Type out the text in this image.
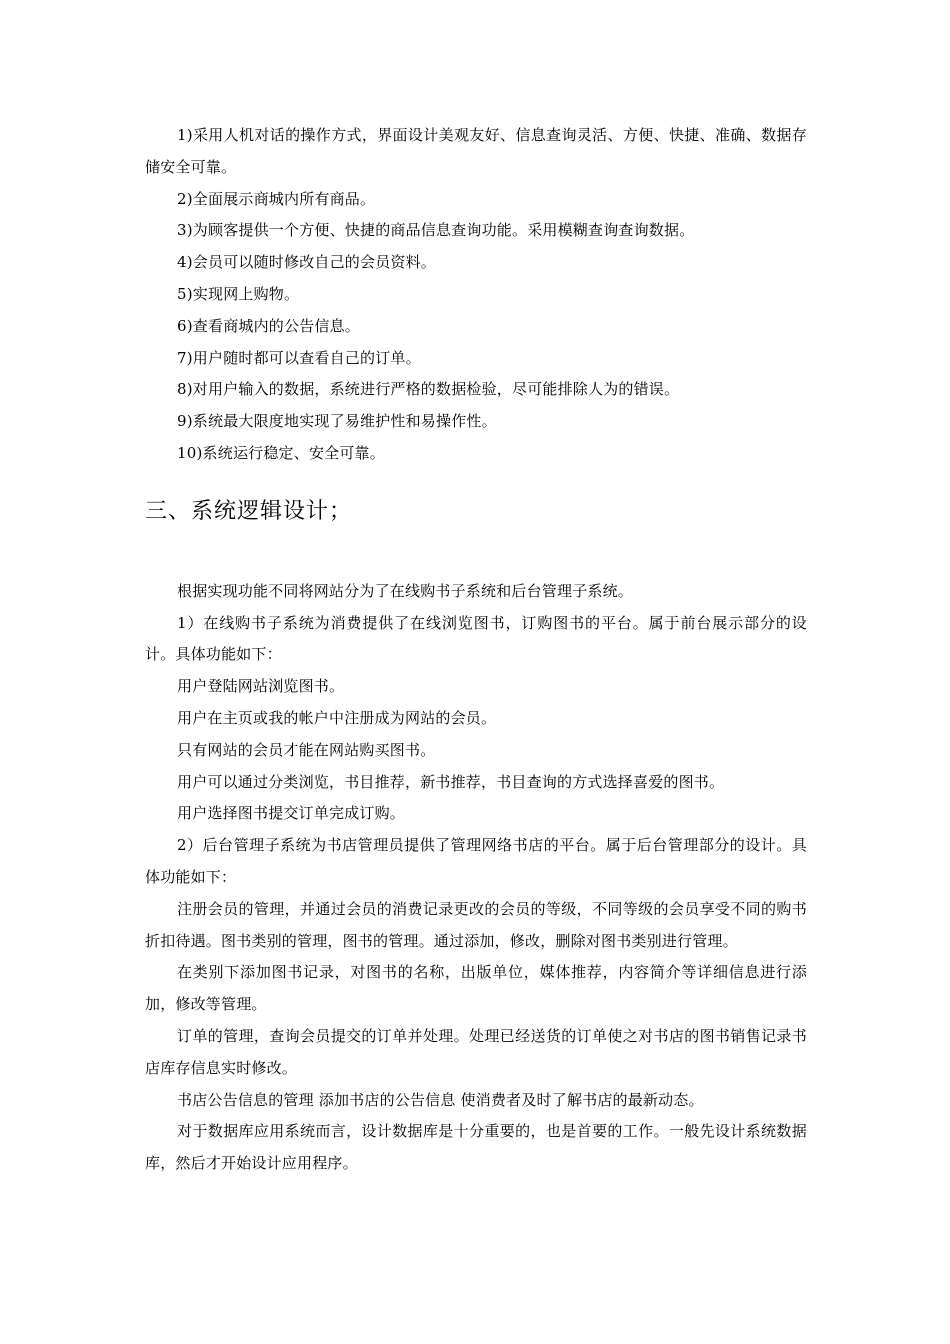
1)采用人机对话的操作方式，界面设计美观友好、信息查询灵活、方便、快捷、准确、数据存储安全可靠。

2)全面展示商城内所有商品。

3)为顾客提供一个方便、快捷的商品信息查询功能。采用模糊查询查询数据。

4)会员可以随时修改自己的会员资料。

5)实现网上购物。

6)查看商城内的公告信息。

7)用户随时都可以查看自己的订单。

8)对用户输入的数据，系统进行严格的数据检验，尽可能排除人为的错误。

9)系统最大限度地实现了易维护性和易操作性。

10)系统运行稳定、安全可靠。

三、系统逻辑设计；

根据实现功能不同将网站分为了在线购书子系统和后台管理子系统。

1）在线购书子系统为消费提供了在线浏览图书，订购图书的平台。属于前台展示部分的设计。具体功能如下：

用户登陆网站浏览图书。

用户在主页或我的帐户中注册成为网站的会员。

只有网站的会员才能在网站购买图书。

用户可以通过分类浏览，书目推荐，新书推荐，书目查询的方式选择喜爱的图书。

用户选择图书提交订单完成订购。

2）后台管理子系统为书店管理员提供了管理网络书店的平台。属于后台管理部分的设计。具体功能如下：

注册会员的管理，并通过会员的消费记录更改的会员的等级，不同等级的会员享受不同的购书折扣待遇。图书类别的管理，图书的管理。通过添加，修改，删除对图书类别进行管理。

在类别下添加图书记录，对图书的名称，出版单位，媒体推荐，内容简介等详细信息进行添加，修改等管理。

订单的管理，查询会员提交的订单并处理。处理已经送货的订单使之对书店的图书销售记录书店库存信息实时修改。

书店公告信息的管理 添加书店的公告信息 使消费者及时了解书店的最新动态。

对于数据库应用系统而言，设计数据库是十分重要的，也是首要的工作。一般先设计系统数据库，然后才开始设计应用程序。
